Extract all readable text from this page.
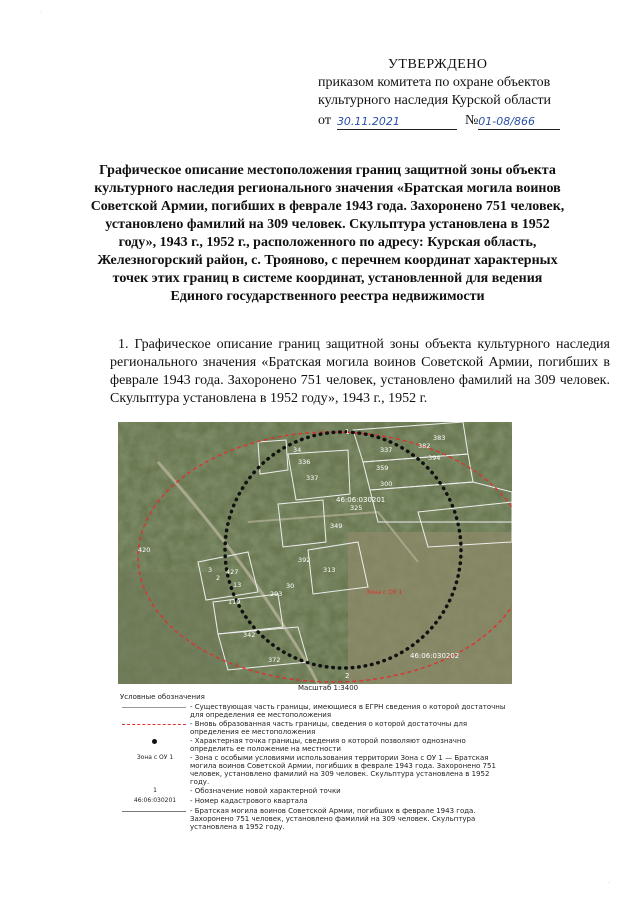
·
УТВЕРЖДЕНО
приказом комитета по охране объектов
культурного наследия Курской области
от 30.11.2021	№ 01-08/866
Графическое описание местоположения границ защитной зоны объекта культурного наследия регионального значения «Братская могила воинов Советской Армии, погибших в феврале 1943 года. Захоронено 751 человек, установлено фамилий на 309 человек. Скульптура установлена в 1952 году», 1943 г., 1952 г., расположенного по адресу: Курская область, Железногорский район, с. Трояново, с перечнем координат характерных точек этих границ в системе координат, установленной для ведения Единого государственного реестра недвижимости
1. Графическое описание границ защитной зоны объекта культурного наследия регионального значения «Братская могила воинов Советской Армии, погибших в феврале 1943 года. Захоронено 751 человек, установлено фамилий на 309 человек. Скульптура установлена в 1952 году», 1943 г., 1952 г.
383
382
394
337
34
336
359
337
325
349
427
13
119
293
30
2
313
392
3
342
372
420
300
46:06:030201
46:06:030202
Зона с ОУ 1
1
2
Масштаб 1:3400
Условные обозначения
- Существующая часть границы, имеющиеся в ЕГРН сведения о которой достаточны для определения ее местоположения
- Вновь образованная часть границы, сведения о которой достаточны для определения ее местоположения
- Характерная точка границы, сведения о которой позволяют однозначно определить ее положение на местности
Зона с ОУ 1	- Зона с особыми условиями использования территории Зона с ОУ 1 — Братская могила воинов Советской Армии, погибших в феврале 1943 года. Захоронено 751 человек, установлено фамилий на 309 человек. Скульптура установлена в 1952 году.
1	- Обозначение новой характерной точки
46:06:030201	- Номер кадастрового квартала
- Братская могила воинов Советской Армии, погибших в феврале 1943 года. Захоронено 751 человек, установлено фамилий на 309 человек. Скульптура установлена в 1952 году.
·
